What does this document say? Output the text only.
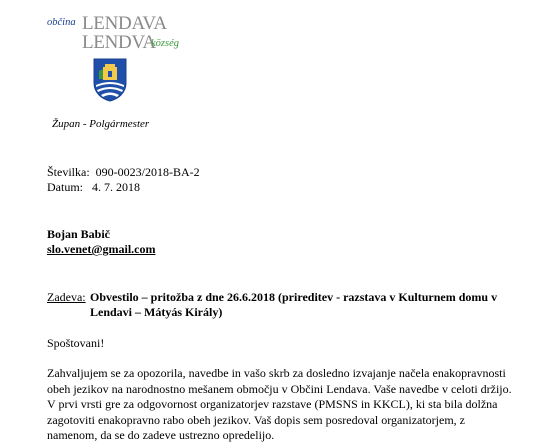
občina LENDAVA
LENDVA
község
Župan - Polgármester
Številka: 090-0023/2018-BA-2
Datum: 4. 7. 2018
Bojan Babič
slo.venet@gmail.com
Zadeva: Obvestilo – pritožba z dne 26.6.2018 (prireditev - razstava v Kulturnem domu v
Lendavi – Mátyás Király)
Spoštovani!
Zahvaljujem se za opozorila, navedbe in vašo skrb za dosledno izvajanje načela enakopravnosti
obeh jezikov na narodnostno mešanem območju v Občini Lendava. Vaše navedbe v celoti držijo.
V prvi vrsti gre za odgovornost organizatorjev razstave (PMSNS in KKCL), ki sta bila dolžna
zagotoviti enakopravno rabo obeh jezikov. Vaš dopis sem posredoval organizatorjem, z
namenom, da se do zadeve ustrezno opredelijo.
